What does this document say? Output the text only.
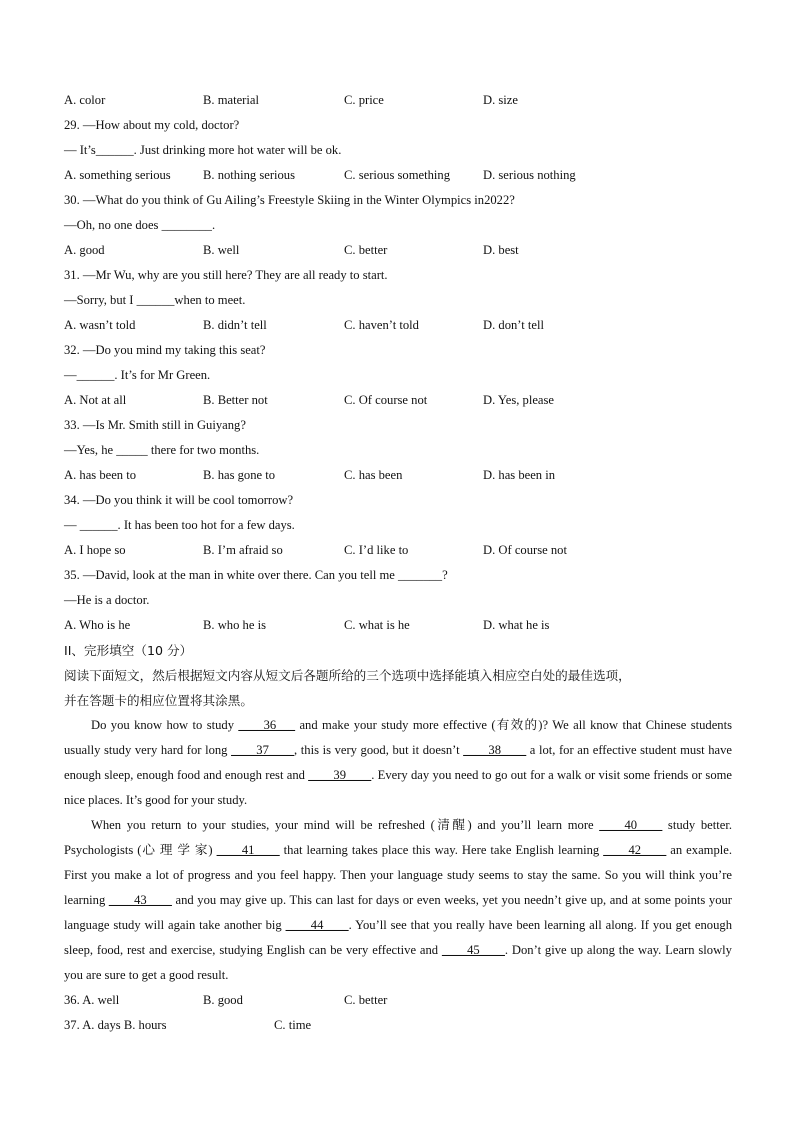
A. color	B. material	C. price	D. size
29. —How about my cold, doctor?
— It’s______. Just drinking more hot water will be ok.
A. something serious	B. nothing serious	C. serious something	D. serious nothing
30. —What do you think of Gu Ailing’s Freestyle Skiing in the Winter Olympics in2022?
—Oh, no one does ________.
A. good	B. well	C. better	D. best
31. —Mr Wu, why are you still here? They are all ready to start.
—Sorry, but I ______when to meet.
A. wasn’t told	B. didn’t tell	C. haven’t told	D. don’t tell
32. —Do you mind my taking this seat?
—______. It’s for Mr Green.
A. Not at all	B. Better not	C. Of course not	D. Yes, please
33. —Is Mr. Smith still in Guiyang?
—Yes, he _____ there for two months.
A. has been to	B. has gone to	C. has been	D. has been in
34. —Do you think it will be cool tomorrow?
— ______. It has been too hot for a few days.
A. I hope so	B. I’m afraid so	C. I’d like to	D. Of course not
35. —David, look at the man in white over there. Can you tell me _______?
—He is a doctor.
A. Who is he	B. who he is	C. what is he	D. what he is
II、完形填空（10 分）
阅读下面短文，然后根据短文内容从短文后各题所给的三个选项中选择能填入相应空白处的最佳选项，
并在答题卡的相应位置将其涂黑。
Do you know how to study ____36___ and make your study more effective (有效的)? We all know that Chinese students usually study very hard for long ____37____, this is very good, but it doesn’t ____38____ a lot, for an effective student must have enough sleep, enough food and enough rest and ____39____. Every day you need to go out for a walk or visit some friends or some nice places. It’s good for your study.
When you return to your studies, your mind will be refreshed (清醒) and you’ll learn more ____40____ study better. Psychologists (心 理 学 家) ____41____ that learning takes place this way. Here take English learning ____42____ an example. First you make a lot of progress and you feel happy. Then your language study seems to stay the same. So you will think you’re learning ____43____ and you may give up. This can last for days or even weeks, yet you needn’t give up, and at some points your language study will again take another big ____44____. You’ll see that you really have been learning all along. If you get enough sleep, food, rest and exercise, studying English can be very effective and ____45____. Don’t give up along the way. Learn slowly you are sure to get a good result.
36. A. well	B. good	C. better
37. A. days B. hours	C. time
